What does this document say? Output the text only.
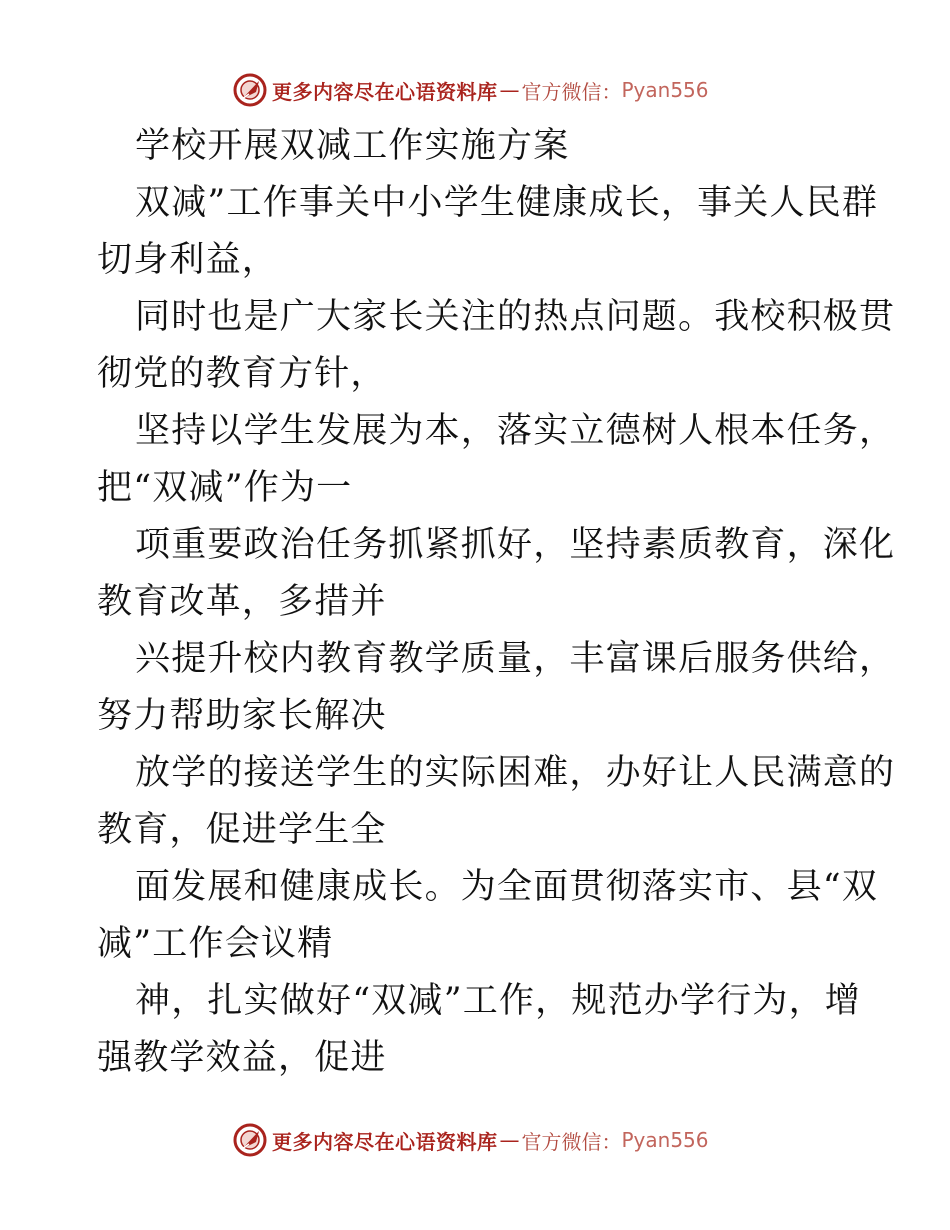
更多内容尽在心语资料库 — 官方微信： Pyan556

学校开展双减工作实施方案

双减”工作事关中小学生健康成长，事关人民群

切身利益，

同时也是广大家长关注的热点问题。我校积极贯

彻党的教育方针，

坚持以学生发展为本，落实立德树人根本任务，

把“双减”作为一

项重要政治任务抓紧抓好，坚持素质教育，深化

教育改革，多措并

兴提升校内教育教学质量，丰富课后服务供给，

努力帮助家长解决

放学的接送学生的实际困难，办好让人民满意的

教育，促进学生全

面发展和健康成长。为全面贯彻落实市、县“双

减”工作会议精

神，扎实做好“双减”工作，规范办学行为，增

强教学效益，促进

更多内容尽在心语资料库 — 官方微信： Pyan556
